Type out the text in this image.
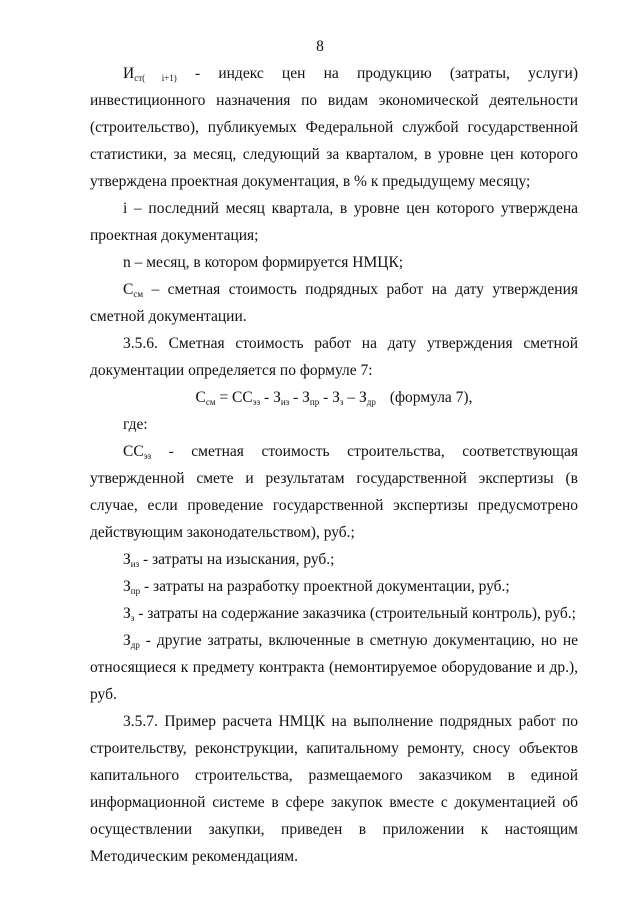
8

$И_{ст( i+1)}$ - индекс цен на продукцию (затраты, услуги) инвестиционного назначения по видам экономической деятельности (строительство), публикуемых Федеральной службой государственной статистики, за месяц, следующий за кварталом, в уровне цен которого утверждена проектная документация, в % к предыдущему месяцу;

i – последний месяц квартала, в уровне цен которого утверждена проектная документация;

n – месяц, в котором формируется НМЦК;

$С_{см}$ – сметная стоимость подрядных работ на дату утверждения сметной документации.

3.5.6. Сметная стоимость работ на дату утверждения сметной документации определяется по формуле 7:

$С_{см} = СС_{эз} - З_{из} - З_{пр} - З_з - З_{др}$ (формула 7),

где:

$СС_{эз}$ - сметная стоимость строительства, соответствующая утвержденной смете и результатам государственной экспертизы (в случае, если проведение государственной экспертизы предусмотрено действующим законодательством), руб.;

$З_{из}$ - затраты на изыскания, руб.;

$З_{пр}$ - затраты на разработку проектной документации, руб.;

$З_з$ - затраты на содержание заказчика (строительный контроль), руб.;

$З_{др}$ - другие затраты, включенные в сметную документацию, но не относящиеся к предмету контракта (немонтируемое оборудование и др.), руб.

3.5.7. Пример расчета НМЦК на выполнение подрядных работ по строительству, реконструкции, капитальному ремонту, сносу объектов капитального строительства, размещаемого заказчиком в единой информационной системе в сфере закупок вместе с документацией об осуществлении закупки, приведен в приложении к настоящим Методическим рекомендациям.
